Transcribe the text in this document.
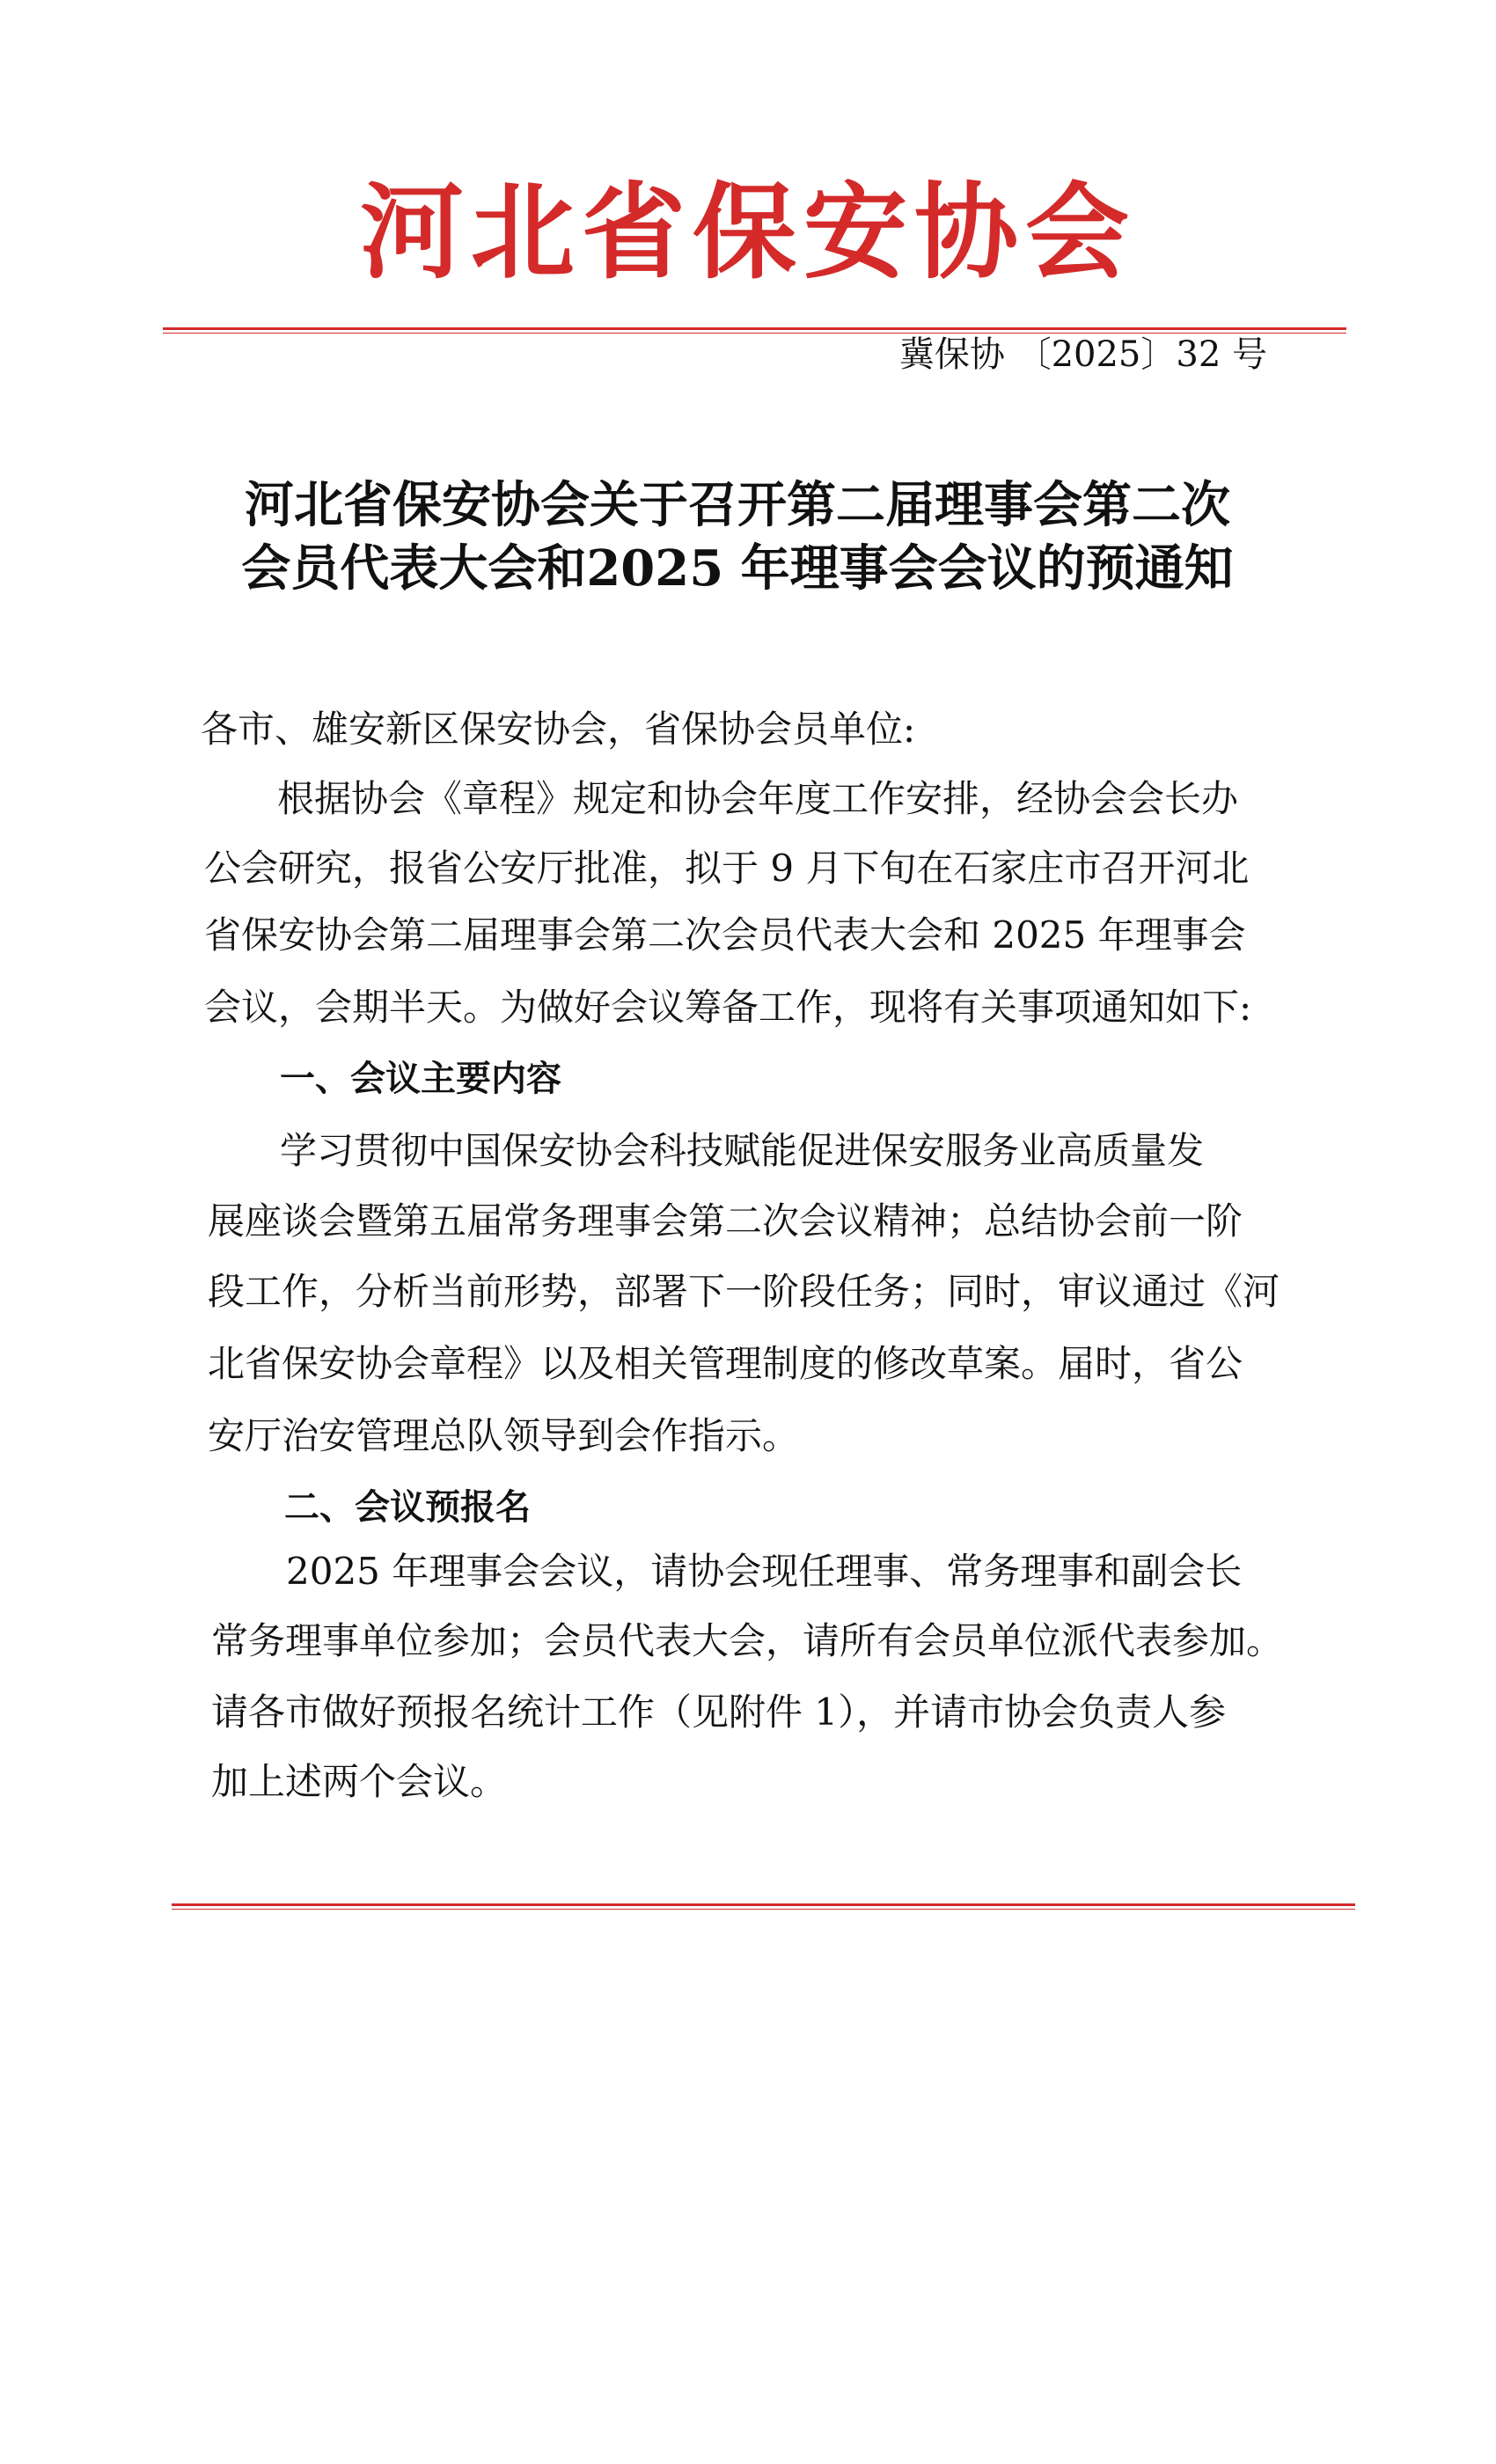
河北省保安协会
冀保协 〔2025〕32 号
河北省保安协会关于召开第二届理事会第二次
会员代表大会和2025 年理事会会议的预通知
各市、雄安新区保安协会，省保协会员单位:
根据协会《章程》规定和协会年度工作安排，经协会会长办
公会研究，报省公安厅批准，拟于 9 月下旬在石家庄市召开河北
省保安协会第二届理事会第二次会员代表大会和 2025 年理事会
会议，会期半天。为做好会议筹备工作，现将有关事项通知如下:
一、会议主要内容
学习贯彻中国保安协会科技赋能促进保安服务业高质量发
展座谈会暨第五届常务理事会第二次会议精神；总结协会前一阶
段工作，分析当前形势，部署下一阶段任务；同时，审议通过《河
北省保安协会章程》以及相关管理制度的修改草案。届时，省公
安厅治安管理总队领导到会作指示。
二、会议预报名
2025 年理事会会议，请协会现任理事、常务理事和副会长
常务理事单位参加；会员代表大会，请所有会员单位派代表参加。
请各市做好预报名统计工作（见附件 1），并请市协会负责人参
加上述两个会议。
